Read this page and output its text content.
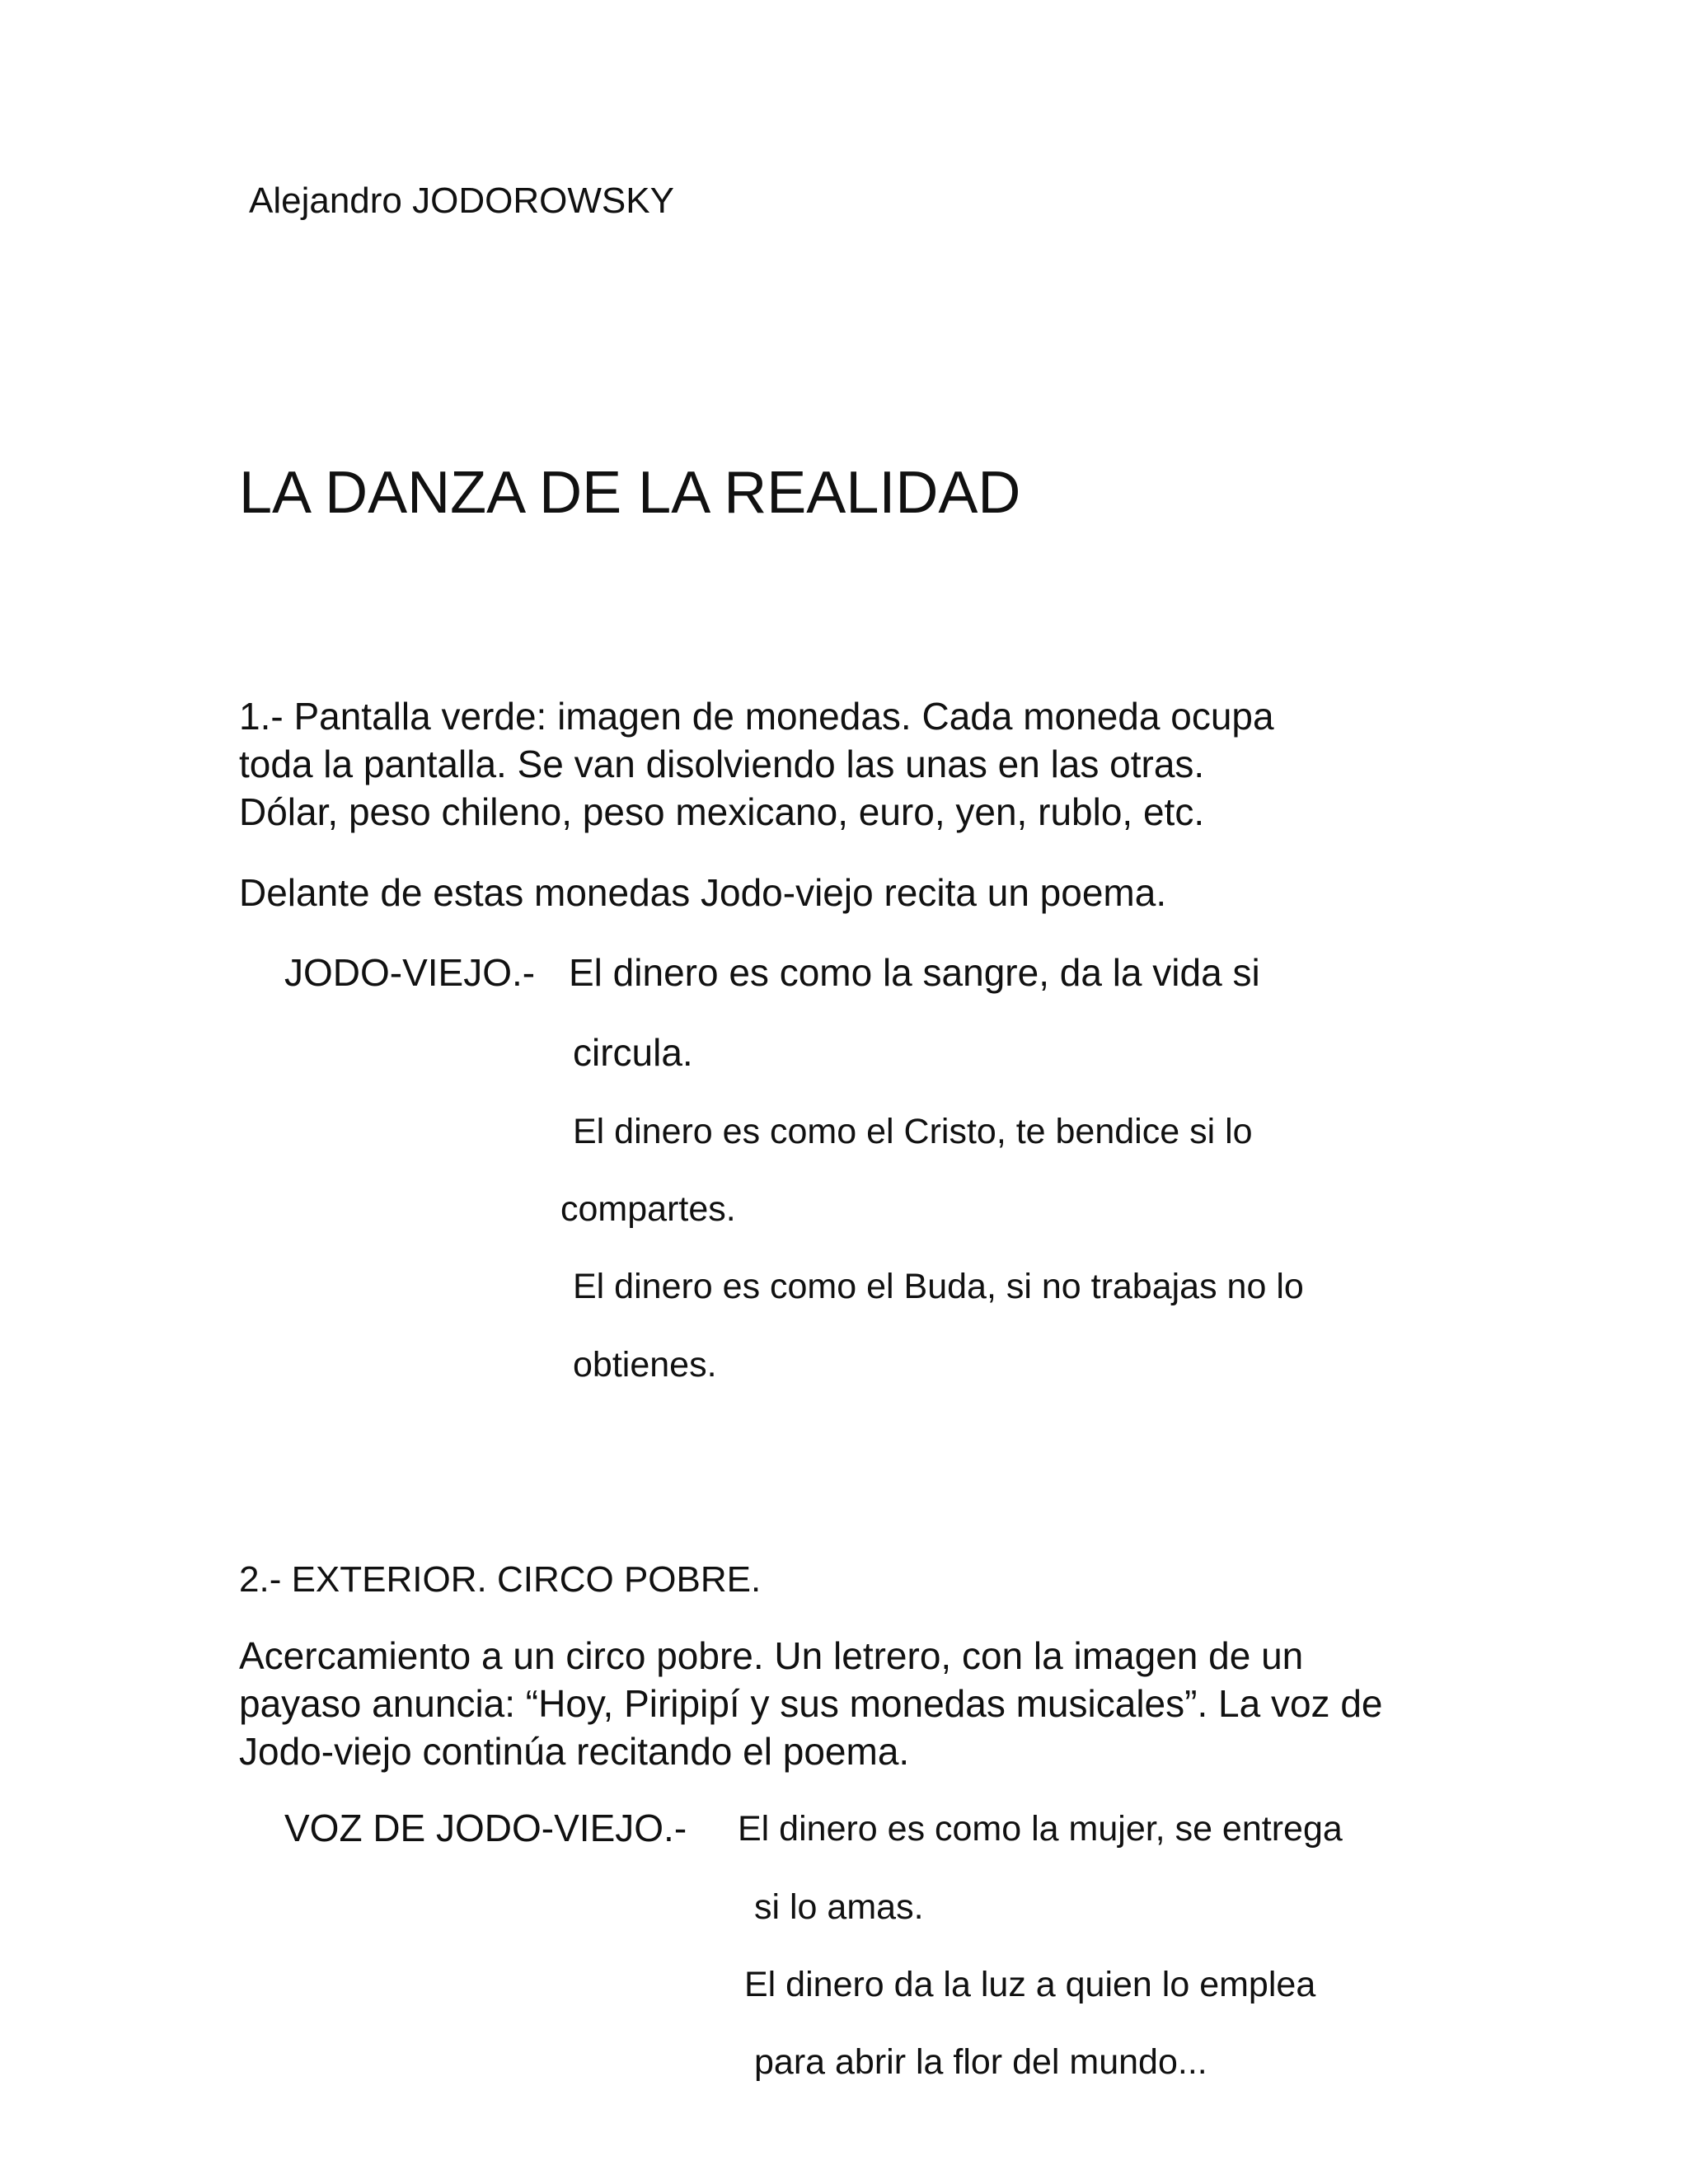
Alejandro JODOROWSKY

LA DANZA DE LA REALIDAD

1.- Pantalla verde: imagen de monedas. Cada moneda ocupa
toda la pantalla. Se van disolviendo las unas en las otras.
Dólar, peso chileno, peso mexicano, euro, yen, rublo, etc.

Delante de estas monedas Jodo-viejo recita un poema.

JODO-VIEJO.- El dinero es como la sangre, da la vida si

circula.

El dinero es como el Cristo, te bendice si lo

compartes.

El dinero es como el Buda, si no trabajas no lo

obtienes.

2.- EXTERIOR. CIRCO POBRE.

Acercamiento a un circo pobre. Un letrero, con la imagen de un
payaso anuncia: “Hoy, Piripipí y sus monedas musicales”. La voz de
Jodo-viejo continúa recitando el poema.

VOZ DE JODO-VIEJO.- El dinero es como la mujer, se entrega

si lo amas.

El dinero da la luz a quien lo emplea

para abrir la flor del mundo...
